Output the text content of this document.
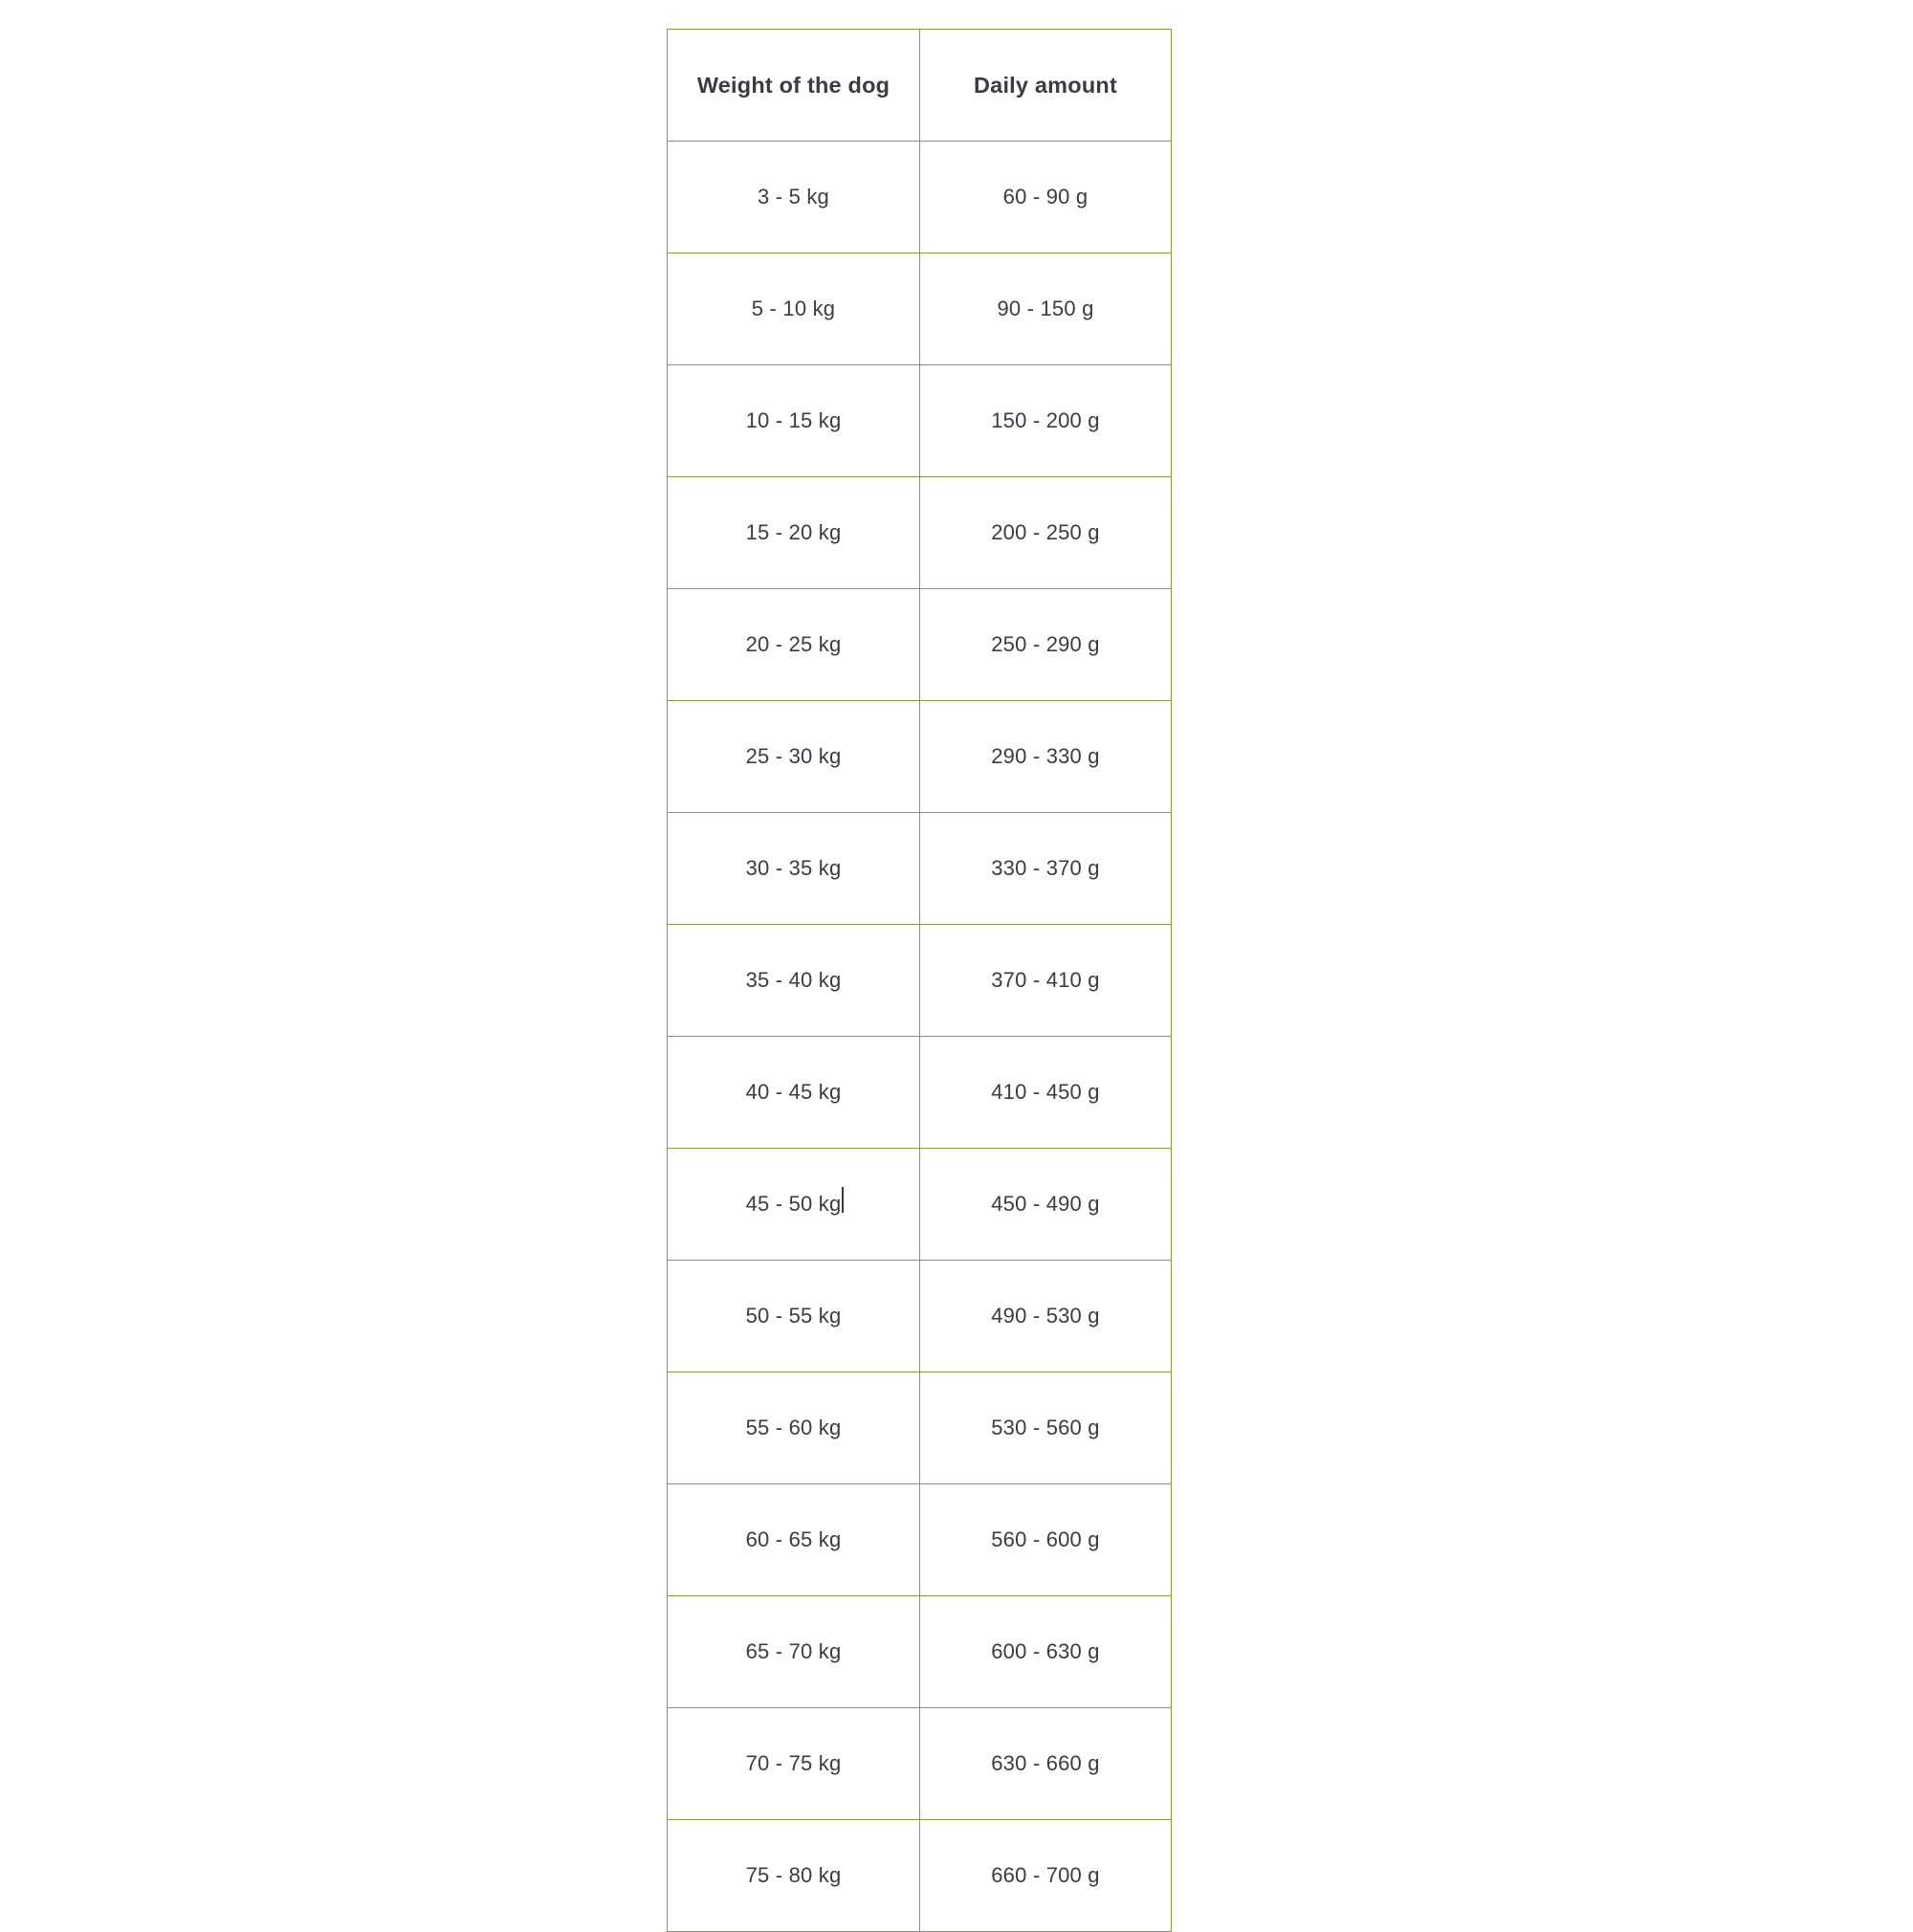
Weight of the dog	Daily amount
3 - 5 kg	60 - 90 g
5 - 10 kg	90 - 150 g
10 - 15 kg	150 - 200 g
15 - 20 kg	200 - 250 g
20 - 25 kg	250 - 290 g
25 - 30 kg	290 - 330 g
30 - 35 kg	330 - 370 g
35 - 40 kg	370 - 410 g
40 - 45 kg	410 - 450 g
45 - 50 kg	450 - 490 g
50 - 55 kg	490 - 530 g
55 - 60 kg	530 - 560 g
60 - 65 kg	560 - 600 g
65 - 70 kg	600 - 630 g
70 - 75 kg	630 - 660 g
75 - 80 kg	660 - 700 g
